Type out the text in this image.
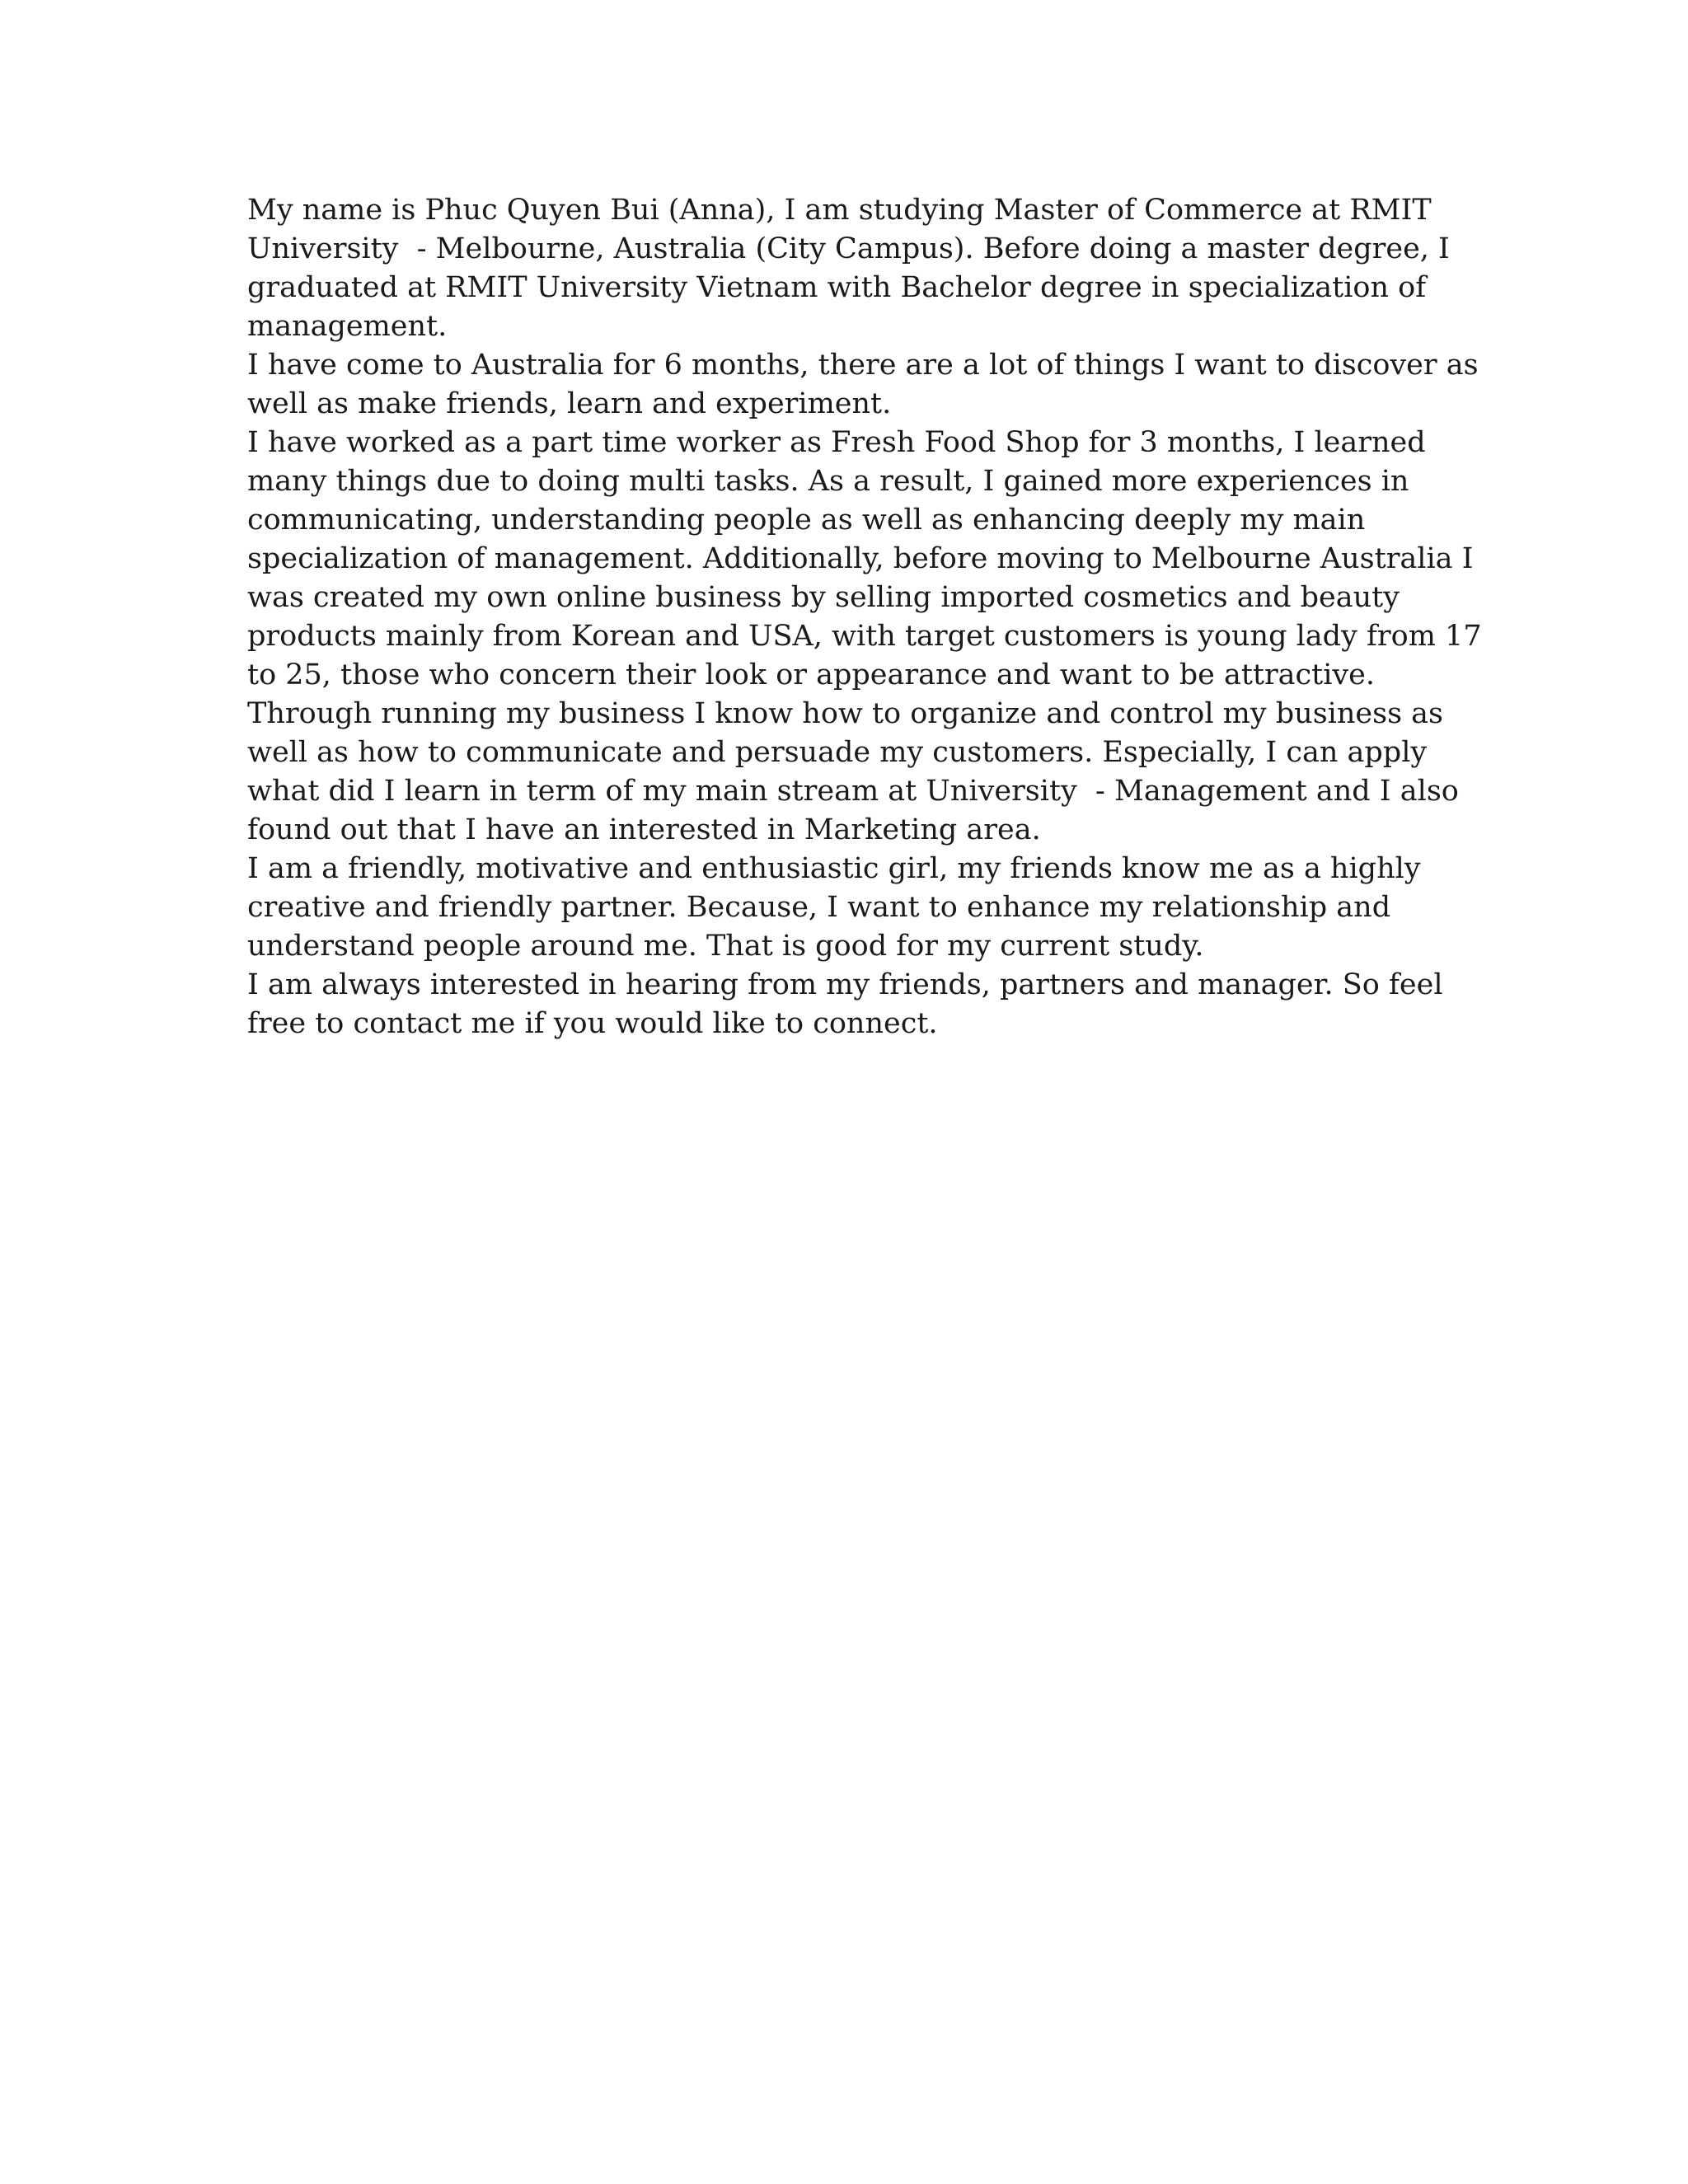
My name is Phuc Quyen Bui (Anna), I am studying Master of Commerce at RMIT
University  - Melbourne, Australia (City Campus). Before doing a master degree, I
graduated at RMIT University Vietnam with Bachelor degree in specialization of
management.
I have come to Australia for 6 months, there are a lot of things I want to discover as
well as make friends, learn and experiment.
I have worked as a part time worker as Fresh Food Shop for 3 months, I learned
many things due to doing multi tasks. As a result, I gained more experiences in
communicating, understanding people as well as enhancing deeply my main
specialization of management. Additionally, before moving to Melbourne Australia I
was created my own online business by selling imported cosmetics and beauty
products mainly from Korean and USA, with target customers is young lady from 17
to 25, those who concern their look or appearance and want to be attractive.
Through running my business I know how to organize and control my business as
well as how to communicate and persuade my customers. Especially, I can apply
what did I learn in term of my main stream at University  - Management and I also
found out that I have an interested in Marketing area.
I am a friendly, motivative and enthusiastic girl, my friends know me as a highly
creative and friendly partner. Because, I want to enhance my relationship and
understand people around me. That is good for my current study.
I am always interested in hearing from my friends, partners and manager. So feel
free to contact me if you would like to connect.
